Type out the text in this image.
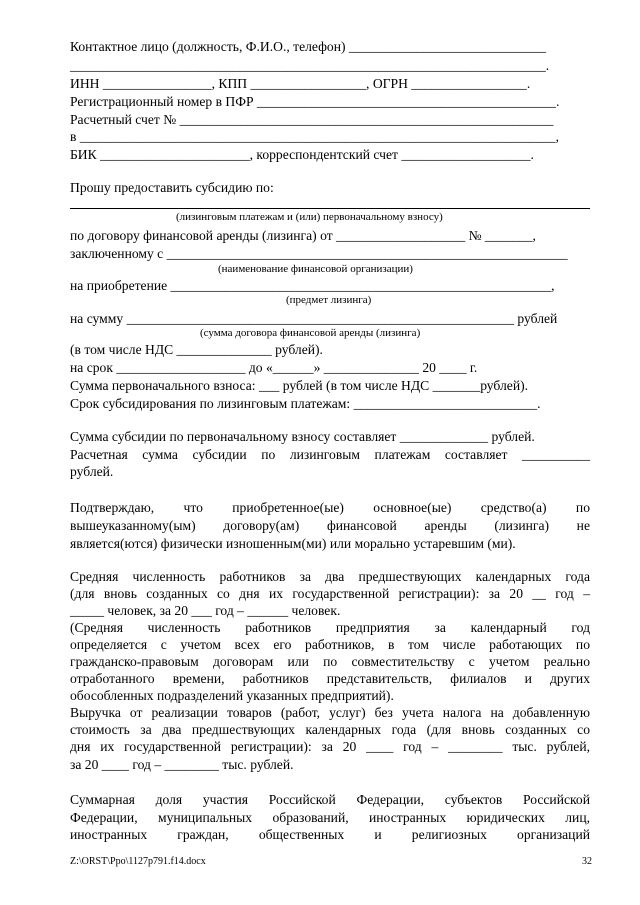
Контактное лицо (должность, Ф.И.О., телефон) _____________________________
______________________________________________________________________.
ИНН ________________, КПП _________________, ОГРН _________________.
Регистрационный номер в ПФР ____________________________________________.
Расчетный счет № _______________________________________________________
в ______________________________________________________________________,
БИК ______________________, корреспондентский счет ___________________.
Прошу предоставить субсидию по:
(лизинговым платежам и (или) первоначальному взносу)
по договору финансовой аренды (лизинга) от ___________________ № _______,
заключенному с ___________________________________________________________
(наименование финансовой организации)
на приобретение ________________________________________________________,
(предмет лизинга)
на сумму _________________________________________________________ рублей
(сумма договора финансовой аренды (лизинга)
(в том числе НДС ______________ рублей).
на срок ___________________ до «______» ______________ 20 ____ г.
Сумма первоначального взноса: ___ рублей (в том числе НДС _______рублей).
Срок субсидирования по лизинговым платежам: ___________________________.
Сумма субсидии по первоначальному взносу составляет _____________ рублей.
Расчетная сумма субсидии по лизинговым платежам составляет __________
рублей.
Подтверждаю, что приобретенное(ые) основное(ые) средство(а) по
вышеуказанному(ым) договору(ам) финансовой аренды (лизинга) не
является(ются) физически изношенным(ми) или морально устаревшим (ми).
Средняя численность работников за два предшествующих календарных года
(для вновь созданных со дня их государственной регистрации): за 20 __ год –
_____ человек, за 20 ___ год – ______ человек.
(Средняя численность работников предприятия за календарный год
определяется с учетом всех его работников, в том числе работающих по
гражданско-правовым договорам или по совместительству с учетом реально
отработанного времени, работников представительств, филиалов и других
обособленных подразделений указанных предприятий).
Выручка от реализации товаров (работ, услуг) без учета налога на добавленную
стоимость за два предшествующих календарных года (для вновь созданных со
дня их государственной регистрации): за 20 ____ год – ________ тыс. рублей,
за 20 ____ год – ________ тыс. рублей.
Суммарная доля участия Российской Федерации, субъектов Российской
Федерации, муниципальных образований, иностранных юридических лиц,
иностранных граждан, общественных и религиозных организаций
Z:\ORST\Ppo\1127p791.f14.docx	32
